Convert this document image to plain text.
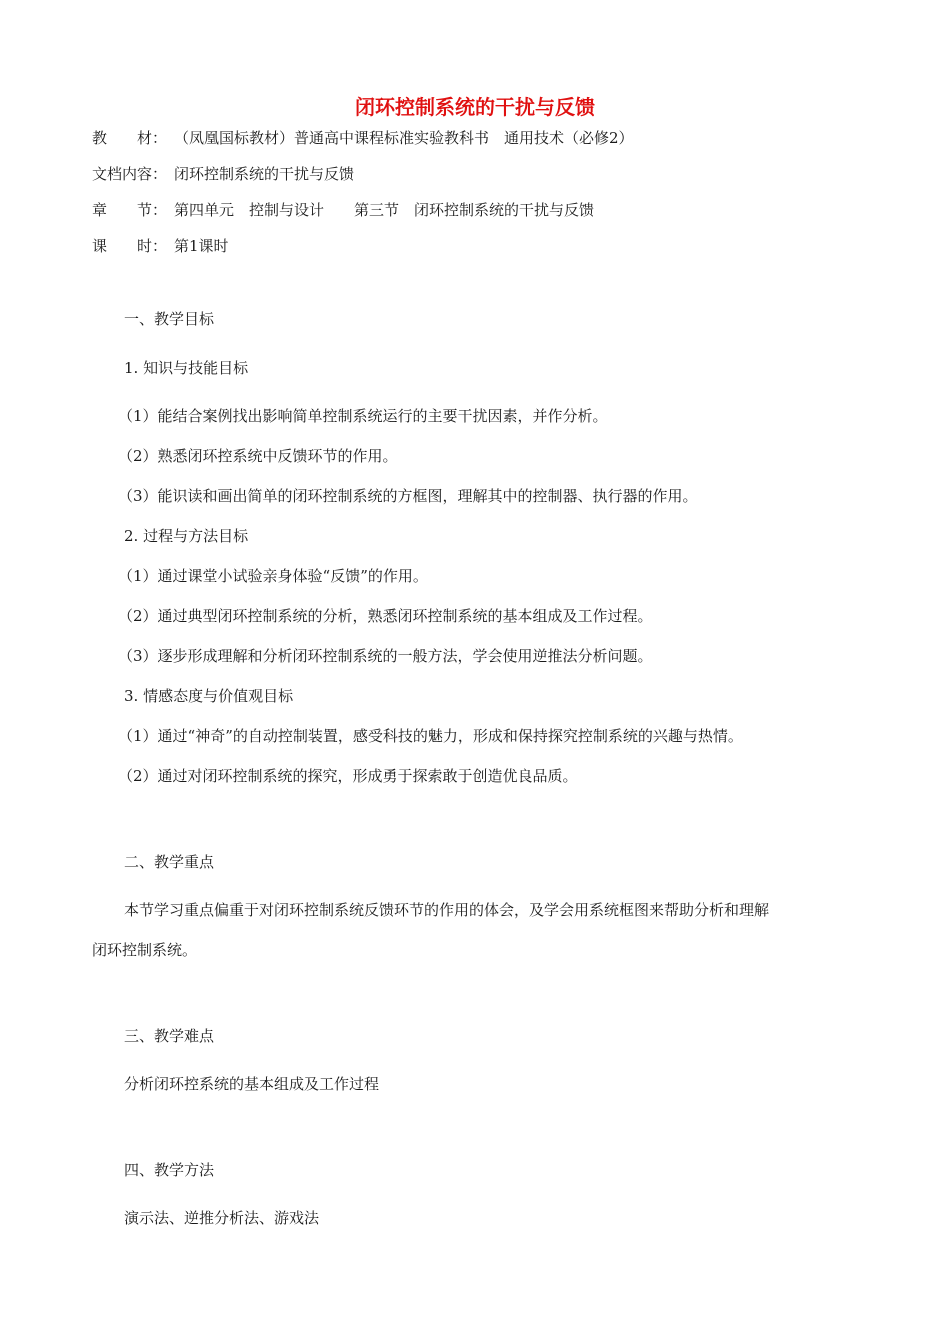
闭环控制系统的干扰与反馈
教　　材： （凤凰国标教材）普通高中课程标准实验教科书　通用技术（必修2）
文档内容： 闭环控制系统的干扰与反馈
章　　节： 第四单元　控制与设计　　第三节　闭环控制系统的干扰与反馈
课　　时： 第1课时
一、教学目标
1. 知识与技能目标
（1）能结合案例找出影响简单控制系统运行的主要干扰因素，并作分析。
（2）熟悉闭环控系统中反馈环节的作用。
（3）能识读和画出简单的闭环控制系统的方框图，理解其中的控制器、执行器的作用。
2. 过程与方法目标
（1）通过课堂小试验亲身体验“反馈”的作用。
（2）通过典型闭环控制系统的分析，熟悉闭环控制系统的基本组成及工作过程。
（3）逐步形成理解和分析闭环控制系统的一般方法，学会使用逆推法分析问题。
3. 情感态度与价值观目标
（1）通过“神奇”的自动控制装置，感受科技的魅力，形成和保持探究控制系统的兴趣与热情。
（2）通过对闭环控制系统的探究，形成勇于探索敢于创造优良品质。
二、教学重点
本节学习重点偏重于对闭环控制系统反馈环节的作用的体会，及学会用系统框图来帮助分析和理解
闭环控制系统。
三、教学难点
分析闭环控系统的基本组成及工作过程
四、教学方法
演示法、逆推分析法、游戏法
